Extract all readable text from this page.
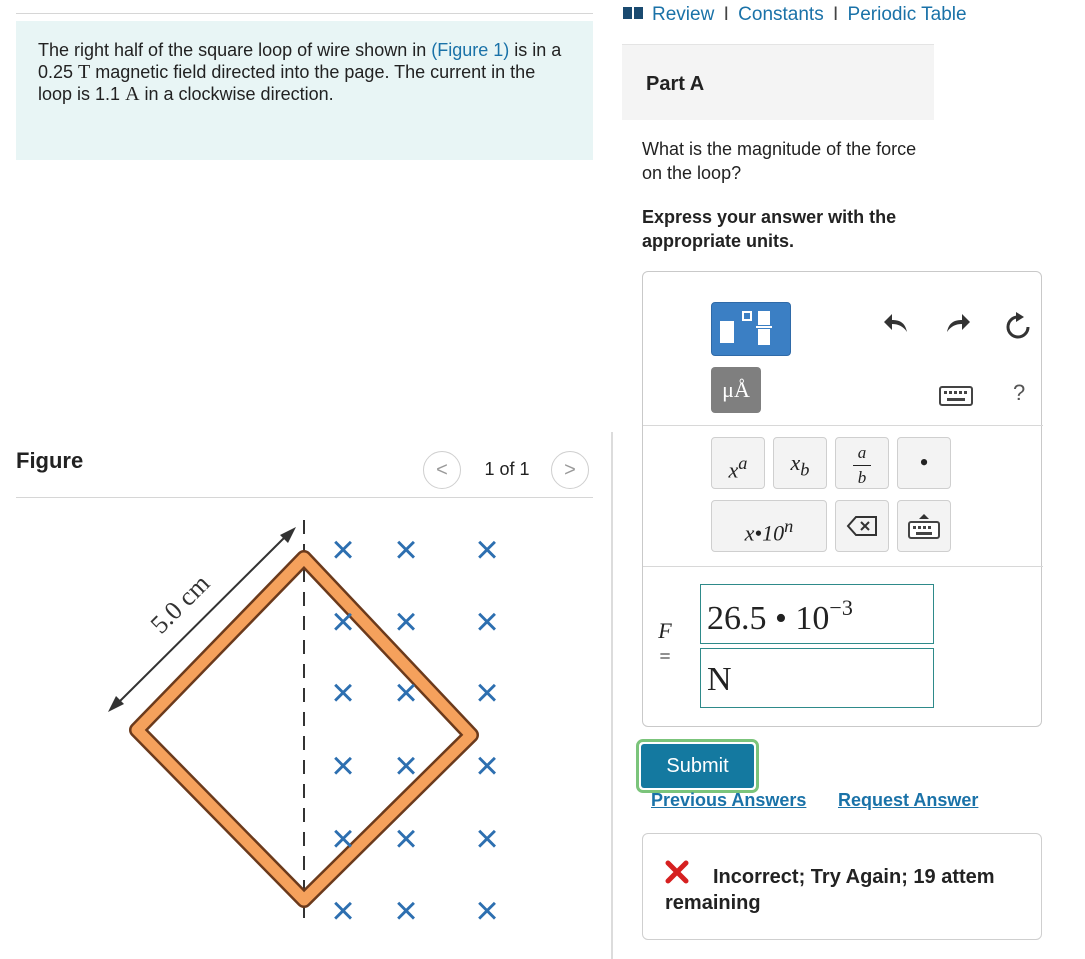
The right half of the square loop of wire shown in (Figure 1) is in a 0.25 T magnetic field directed into the page. The current in the loop is 1.1 A in a clockwise direction.
Figure	<	1 of 1	>
5.0 cm
× × ×
× × ×
× × ×
× × ×
× × ×
× × ×
Review I Constants I Periodic Table
Part A
What is the magnitude of the force on the loop?
Express your answer with the appropriate units.
μÅ	?
$x^a$	$x_b$
a
b
•
x•10$^n$
F
=
26.5 • $10^{-3}$
N
Submit
Previous Answers Request Answer
Incorrect; Try Again; 19 attem
remaining
